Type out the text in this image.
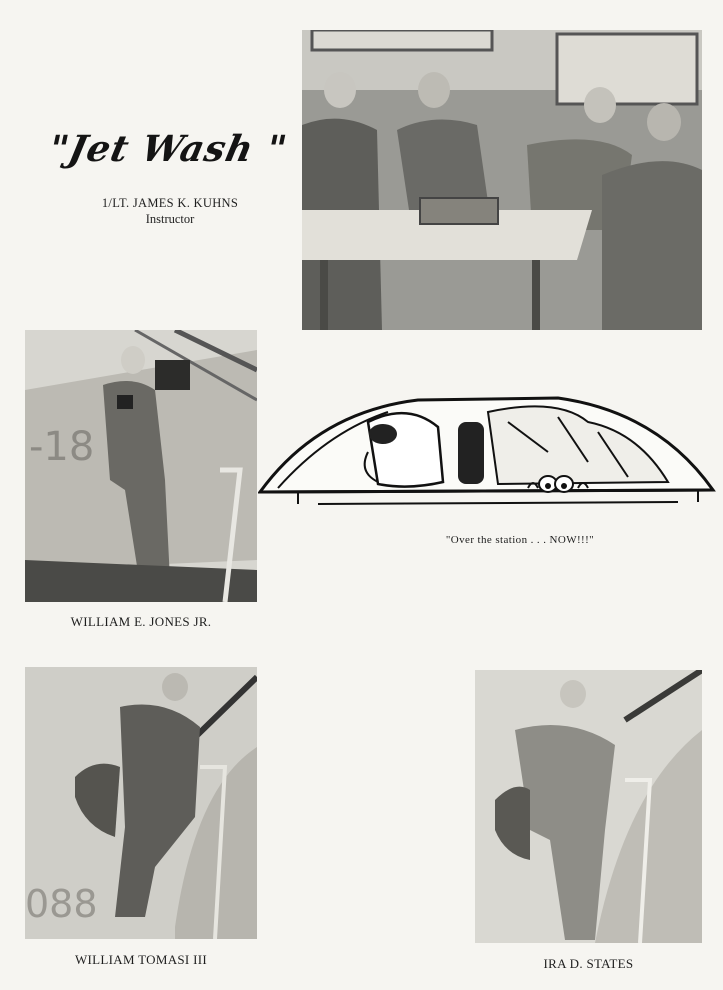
"Jet Wash "
1/LT. JAMES K. KUHNS
Instructor
-18
WILLIAM E. JONES JR.
"Over the station . . . NOW!!!"
088
WILLIAM TOMASI III	IRA D. STATES
